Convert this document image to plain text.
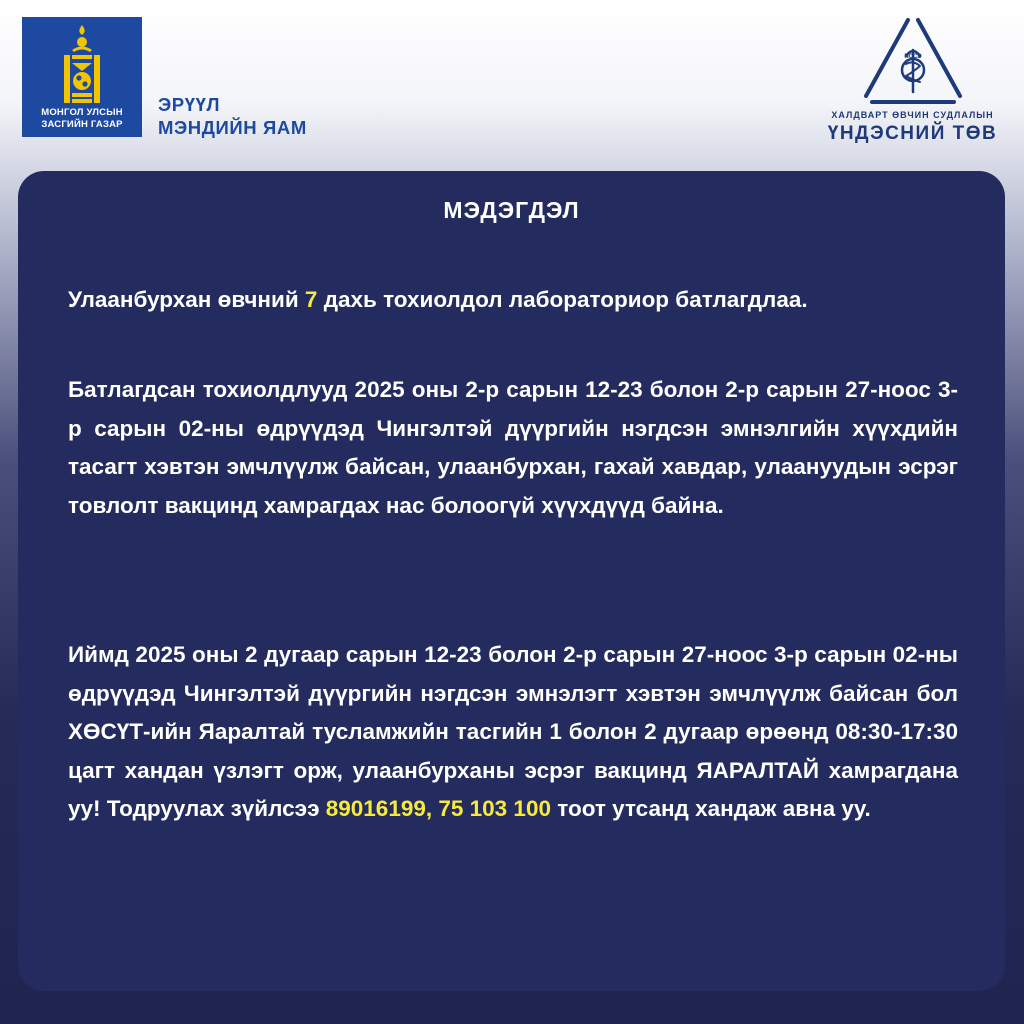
МОНГОЛ УЛСЫН
ЗАСГИЙН ГАЗАР
ЭРҮҮЛ
МЭНДИЙН ЯАМ
NCCD
ХАЛДВАРТ ӨВЧИН СУДЛАЛЫН
ҮНДЭСНИЙ ТӨВ
МЭДЭГДЭЛ
Улаанбурхан өвчний 7 дахь тохиолдол лабораториор батлагдлаа.
Батлагдсан тохиолдлууд 2025 оны 2-р сарын 12-23 болон 2-р сарын 27-ноос 3-р сарын 02-ны өдрүүдэд Чингэлтэй дүүргийн нэгдсэн эмнэлгийн хүүхдийн тасагт хэвтэн эмчлүүлж байсан, улаанбурхан, гахай хавдар, улаануудын эсрэг товлолт вакцинд хамрагдах нас болоогүй хүүхдүүд байна.
Иймд 2025 оны 2 дугаар сарын 12-23 болон 2-р сарын 27-ноос 3-р сарын 02-ны өдрүүдэд Чингэлтэй дүүргийн нэгдсэн эмнэлэгт хэвтэн эмчлүүлж байсан бол ХӨСҮТ-ийн Яаралтай тусламжийн тасгийн 1 болон 2 дугаар өрөөнд 08:30-17:30 цагт хандан үзлэгт орж, улаанбурханы эсрэг вакцинд ЯАРАЛТАЙ хамрагдана уу! Тодруулах зүйлсээ 89016199, 75 103 100 тоот утсанд хандаж авна уу.
